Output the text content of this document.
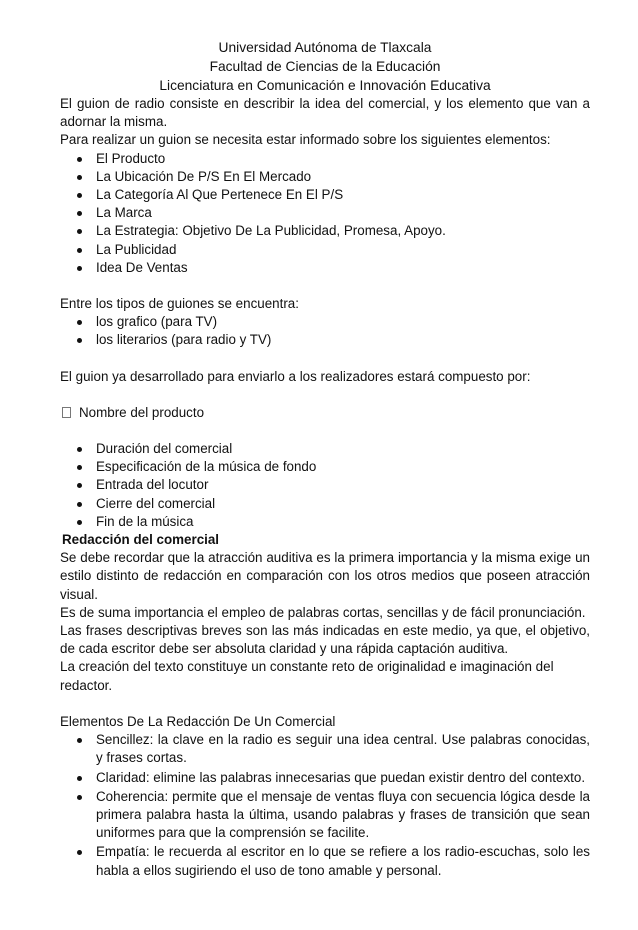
Universidad Autónoma de Tlaxcala
Facultad de Ciencias de la Educación
Licenciatura en Comunicación e Innovación Educativa

El guion de radio consiste en describir la idea del comercial, y los elemento que van a adornar la misma.

Para realizar un guion se necesita estar informado sobre los siguientes elementos:

El Producto
La Ubicación De P/S En El Mercado
La Categoría Al Que Pertenece En El P/S
La Marca
La Estrategia: Objetivo De La Publicidad, Promesa, Apoyo.
La Publicidad
Idea De Ventas

Entre los tipos de guiones se encuentra:

los grafico (para TV)
los literarios (para radio y TV)

El guion ya desarrollado para enviarlo a los realizadores estará compuesto por:

Nombre del producto

Duración del comercial
Especificación de la música de fondo
Entrada del locutor
Cierre del comercial
Fin de la música

Redacción del comercial

Se debe recordar que la atracción auditiva es la primera importancia y la misma exige un estilo distinto de redacción en comparación con los otros medios que poseen atracción visual.

Es de suma importancia el empleo de palabras cortas, sencillas y de fácil pronunciación.

Las frases descriptivas breves son las más indicadas en este medio, ya que, el objetivo, de cada escritor debe ser absoluta claridad y una rápida captación auditiva.

La creación del texto constituye un constante reto de originalidad e imaginación del redactor.

Elementos De La Redacción De Un Comercial

Sencillez: la clave en la radio es seguir una idea central. Use palabras conocidas, y frases cortas.
Claridad: elimine las palabras innecesarias que puedan existir dentro del contexto.
Coherencia: permite que el mensaje de ventas fluya con secuencia lógica desde la primera palabra hasta la última, usando palabras y frases de transición que sean uniformes para que la comprensión se facilite.
Empatía: le recuerda al escritor en lo que se refiere a los radio-escuchas, solo les habla a ellos sugiriendo el uso de tono amable y personal.
